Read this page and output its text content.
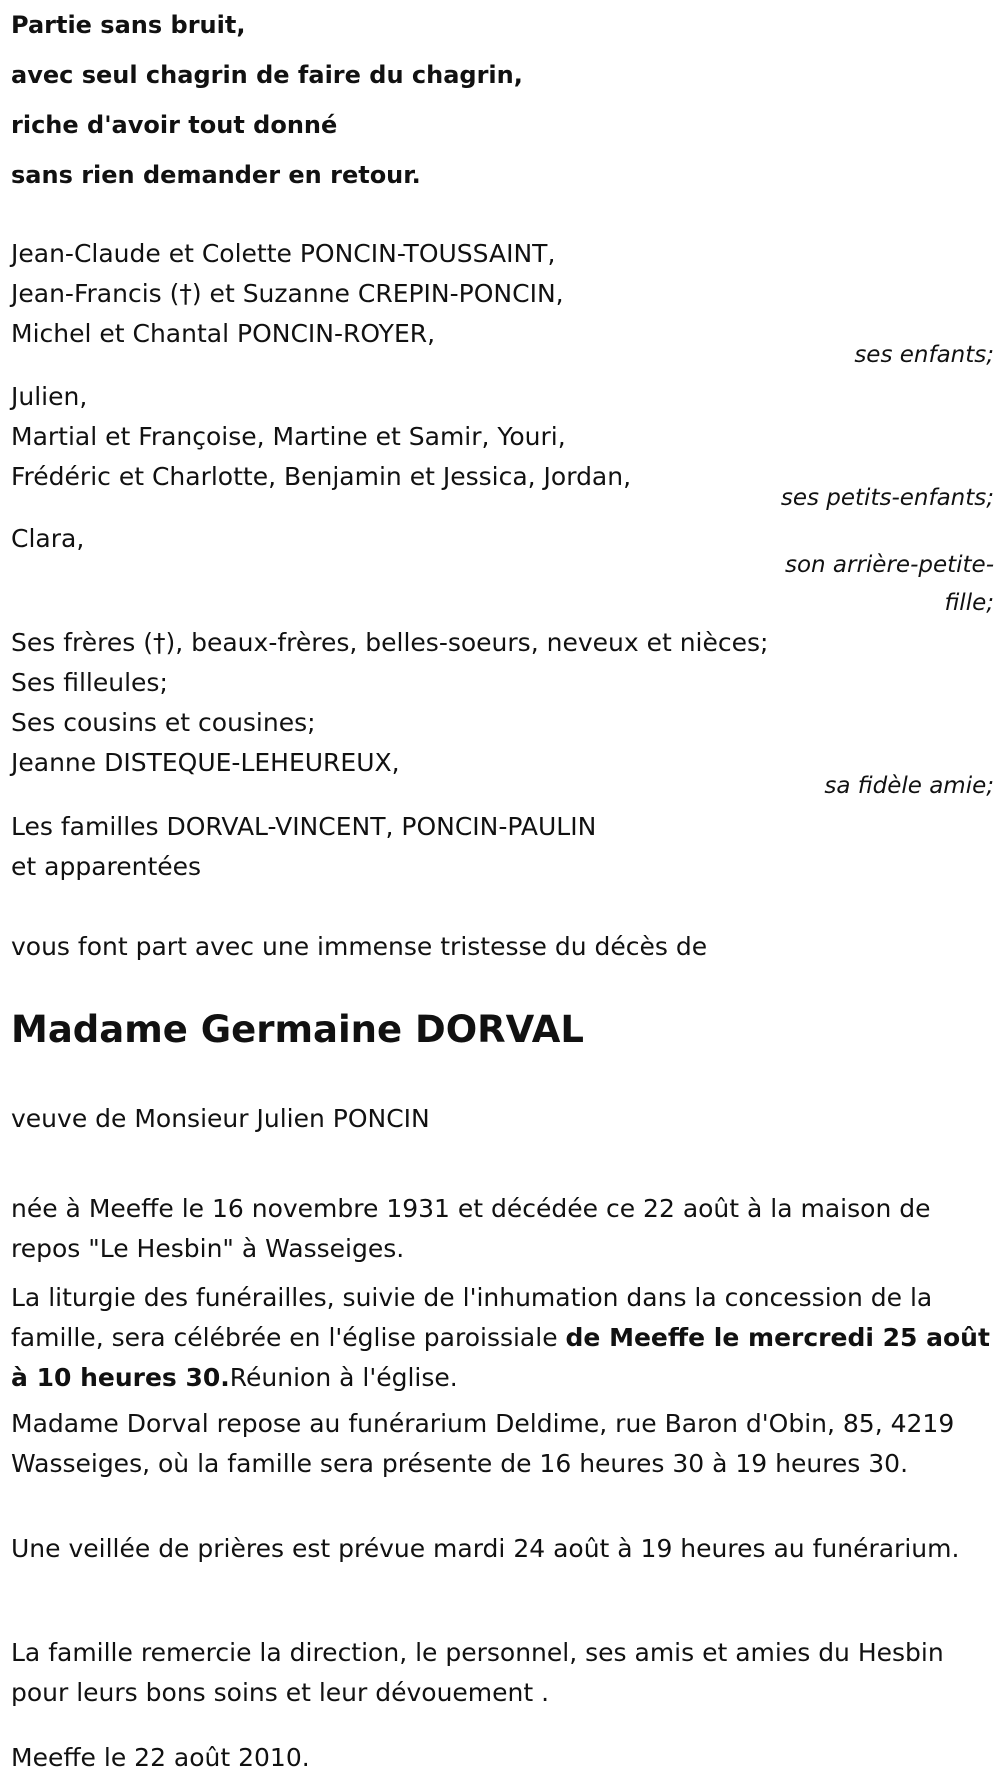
Partie sans bruit,
avec seul chagrin de faire du chagrin,
riche d'avoir tout donné
sans rien demander en retour.
Jean-Claude et Colette PONCIN-TOUSSAINT,
Jean-Francis (†) et Suzanne CREPIN-PONCIN,
Michel et Chantal PONCIN-ROYER,
ses enfants;
Julien,
Martial et Françoise, Martine et Samir, Youri,
Frédéric et Charlotte, Benjamin et Jessica, Jordan,
ses petits-enfants;
Clara,
son arrière-petite-
fille;
Ses frères (†), beaux-frères, belles-soeurs, neveux et nièces;
Ses filleules;
Ses cousins et cousines;
Jeanne DISTEQUE-LEHEUREUX,
sa fidèle amie;
Les familles DORVAL-VINCENT, PONCIN-PAULIN
et apparentées
vous font part avec une immense tristesse du décès de
Madame Germaine DORVAL
veuve de Monsieur Julien PONCIN
née à Meeffe le 16 novembre 1931 et décédée ce 22 août à la maison de repos "Le Hesbin" à Wasseiges.
La liturgie des funérailles, suivie de l'inhumation dans la concession de la famille, sera célébrée en l'église paroissiale de Meeffe le mercredi 25 août à 10 heures 30.Réunion à l'église.
Madame Dorval repose au funérarium Deldime, rue Baron d'Obin, 85, 4219 Wasseiges, où la famille sera présente de 16 heures 30 à 19 heures 30.
Une veillée de prières est prévue mardi 24 août à 19 heures au funérarium.
La famille remercie la direction, le personnel, ses amis et amies du Hesbin pour leurs bons soins et leur dévouement .
Meeffe le 22 août 2010.
